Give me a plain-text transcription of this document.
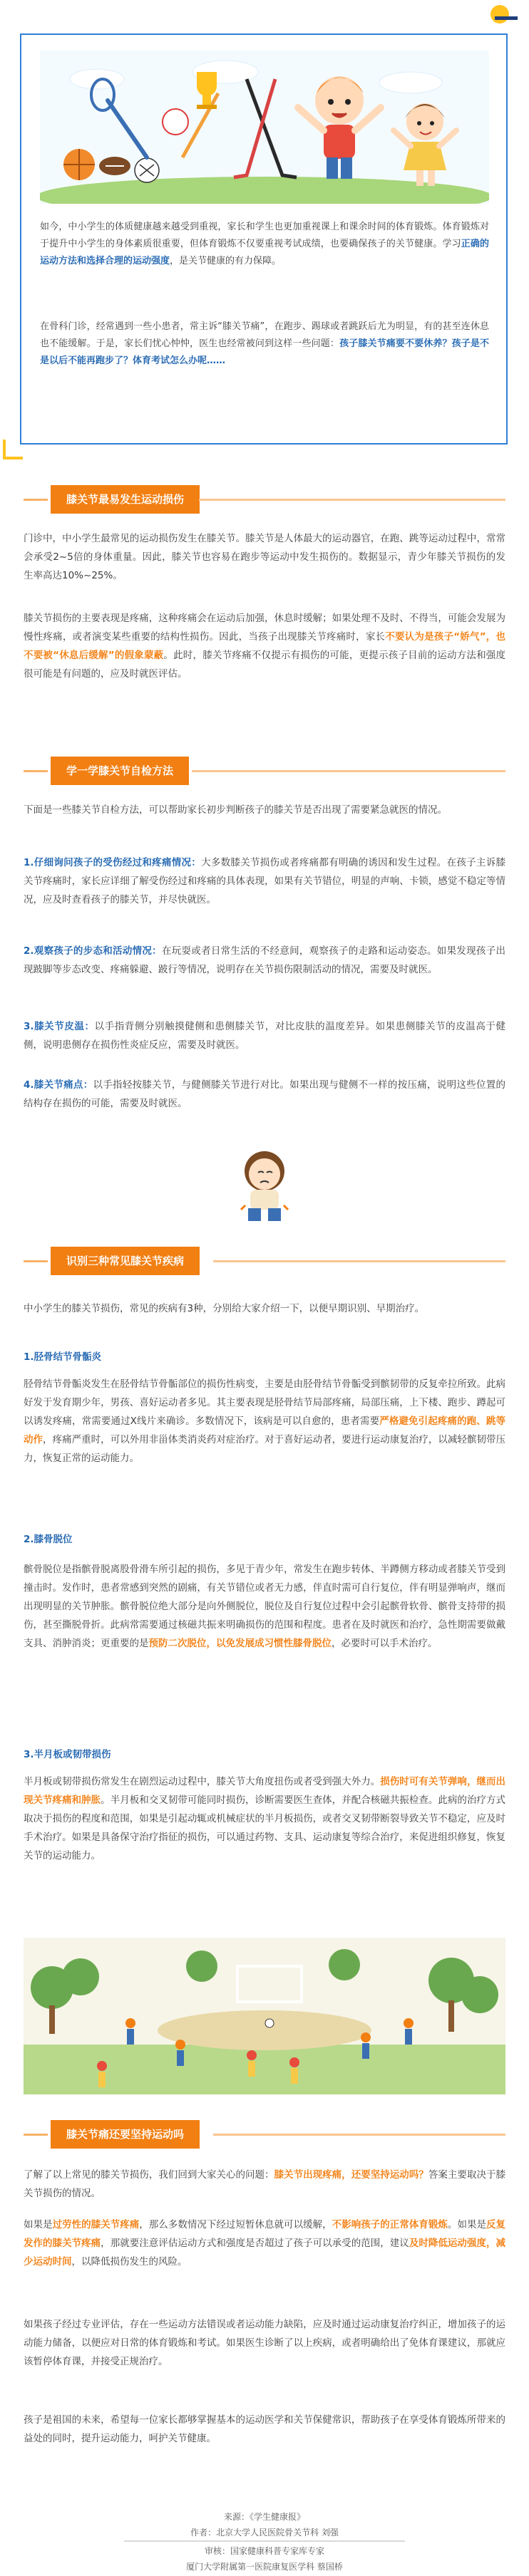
如今，中小学生的体质健康越来越受到重视，家长和学生也更加重视课上和课余时间的体育锻炼。体育锻炼对于提升中小学生的身体素质很重要，但体育锻炼不仅要重视考试成绩，也要确保孩子的关节健康。学习正确的运动方法和选择合理的运动强度，是关节健康的有力保障。

在骨科门诊，经常遇到一些小患者，常主诉“膝关节痛”，在跑步、踢球或者跳跃后尤为明显，有的甚至连休息也不能缓解。于是，家长们忧心忡忡，医生也经常被问到这样一些问题：孩子膝关节痛要不要休养？孩子是不是以后不能再跑步了？体育考试怎么办呢……

膝关节最易发生运动损伤

门诊中，中小学生最常见的运动损伤发生在膝关节。膝关节是人体最大的运动器官，在跑、跳等运动过程中，常常会承受2~5倍的身体重量。因此，膝关节也容易在跑步等运动中发生损伤的。数据显示，青少年膝关节损伤的发生率高达10%~25%。

膝关节损伤的主要表现是疼痛，这种疼痛会在运动后加强，休息时缓解；如果处理不及时、不得当，可能会发展为慢性疼痛，或者演变某些重要的结构性损伤。因此，当孩子出现膝关节疼痛时，家长不要认为是孩子“娇气”，也不要被“休息后缓解”的假象蒙蔽。此时，膝关节疼痛不仅提示有损伤的可能，更提示孩子目前的运动方法和强度很可能是有问题的，应及时就医评估。

学一学膝关节自检方法

下面是一些膝关节自检方法，可以帮助家长初步判断孩子的膝关节是否出现了需要紧急就医的情况。

1.仔细询问孩子的受伤经过和疼痛情况：大多数膝关节损伤或者疼痛都有明确的诱因和发生过程。在孩子主诉膝关节疼痛时，家长应详细了解受伤经过和疼痛的具体表现，如果有关节错位，明显的声响、卡锁，感觉不稳定等情况，应及时查看孩子的膝关节，并尽快就医。

2.观察孩子的步态和活动情况：在玩耍或者日常生活的不经意间，观察孩子的走路和运动姿态。如果发现孩子出现跛脚等步态改变、疼痛躲避、跛行等情况，说明存在关节损伤限制活动的情况，需要及时就医。

3.膝关节皮温：以手指背侧分别触摸健侧和患侧膝关节，对比皮肤的温度差异。如果患侧膝关节的皮温高于健侧，说明患侧存在损伤性炎症反应，需要及时就医。

4.膝关节痛点：以手指轻按膝关节，与健侧膝关节进行对比。如果出现与健侧不一样的按压痛，说明这些位置的结构存在损伤的可能，需要及时就医。

识别三种常见膝关节疾病

中小学生的膝关节损伤，常见的疾病有3种，分别给大家介绍一下，以便早期识别、早期治疗。

1.胫骨结节骨骺炎

胫骨结节骨骺炎发生在胫骨结节骨骺部位的损伤性病变，主要是由胫骨结节骨骺受到髌韧带的反复牵拉所致。此病好发于发育期少年，男孩、喜好运动者多见。其主要表现是胫骨结节局部疼痛，局部压痛，上下楼、跑步、蹲起可以诱发疼痛，常需要通过X线片来确诊。多数情况下，该病是可以自愈的，患者需要严格避免引起疼痛的跑、跳等动作，疼痛严重时，可以外用非甾体类消炎药对症治疗。对于喜好运动者，要进行运动康复治疗，以减轻髌韧带压力，恢复正常的运动能力。

2.膝骨脱位

髌骨脱位是指髌骨脱离股骨滑车所引起的损伤，多见于青少年，常发生在跑步转体、半蹲侧方移动或者膝关节受到撞击时。发作时，患者常感到突然的剧痛，有关节错位或者无力感，伴直时需可自行复位，伴有明显弹响声，继而出现明显的关节肿胀。髌骨脱位绝大部分是向外侧脱位，脱位及自行复位过程中会引起髌骨软骨、髌骨支持带的损伤，甚至撕脱骨折。此病常需要通过核磁共振来明确损伤的范围和程度。患者在及时就医和治疗，急性期需要做戴支具、消肿消炎；更重要的是预防二次脱位，以免发展成习惯性膝骨脱位，必要时可以手术治疗。

3.半月板或韧带损伤

半月板或韧带损伤常发生在剧烈运动过程中，膝关节大角度扭伤或者受到强大外力。损伤时可有关节弹响，继而出现关节疼痛和肿胀。半月板和交叉韧带可能同时损伤，诊断需要医生查体，并配合核磁共振检查。此病的治疗方式取决于损伤的程度和范围，如果是引起动辄或机械症状的半月板损伤，或者交叉韧带断裂导致关节不稳定，应及时手术治疗。如果是具备保守治疗指征的损伤，可以通过药物、支具、运动康复等综合治疗，来促进组织修复，恢复关节的运动能力。

膝关节痛还要坚持运动吗

了解了以上常见的膝关节损伤，我们回到大家关心的问题：膝关节出现疼痛，还要坚持运动吗？答案主要取决于膝关节损伤的情况。

如果是过劳性的膝关节疼痛，那么多数情况下经过短暂休息就可以缓解，不影响孩子的正常体育锻炼。如果是反复发作的膝关节疼痛，那就要注意评估运动方式和强度是否超过了孩子可以承受的范围，建议及时降低运动强度，减少运动时间，以降低损伤发生的风险。

如果孩子经过专业评估，存在一些运动方法错误或者运动能力缺陷，应及时通过运动康复治疗纠正，增加孩子的运动能力储备，以便应对日常的体育锻炼和考试。如果医生诊断了以上疾病，或者明确给出了免体育课建议，那就应该暂停体育课，并接受正规治疗。

孩子是祖国的未来，希望每一位家长都够掌握基本的运动医学和关节保健常识，帮助孩子在享受体育锻炼所带来的益处的同时，提升运动能力，呵护关节健康。

来源：《学生健康报》
作者：北京大学人民医院骨关节科 刘强
审核：国家健康科普专家库专家
厦门大学附属第一医院康复医学科 蔡国桥
